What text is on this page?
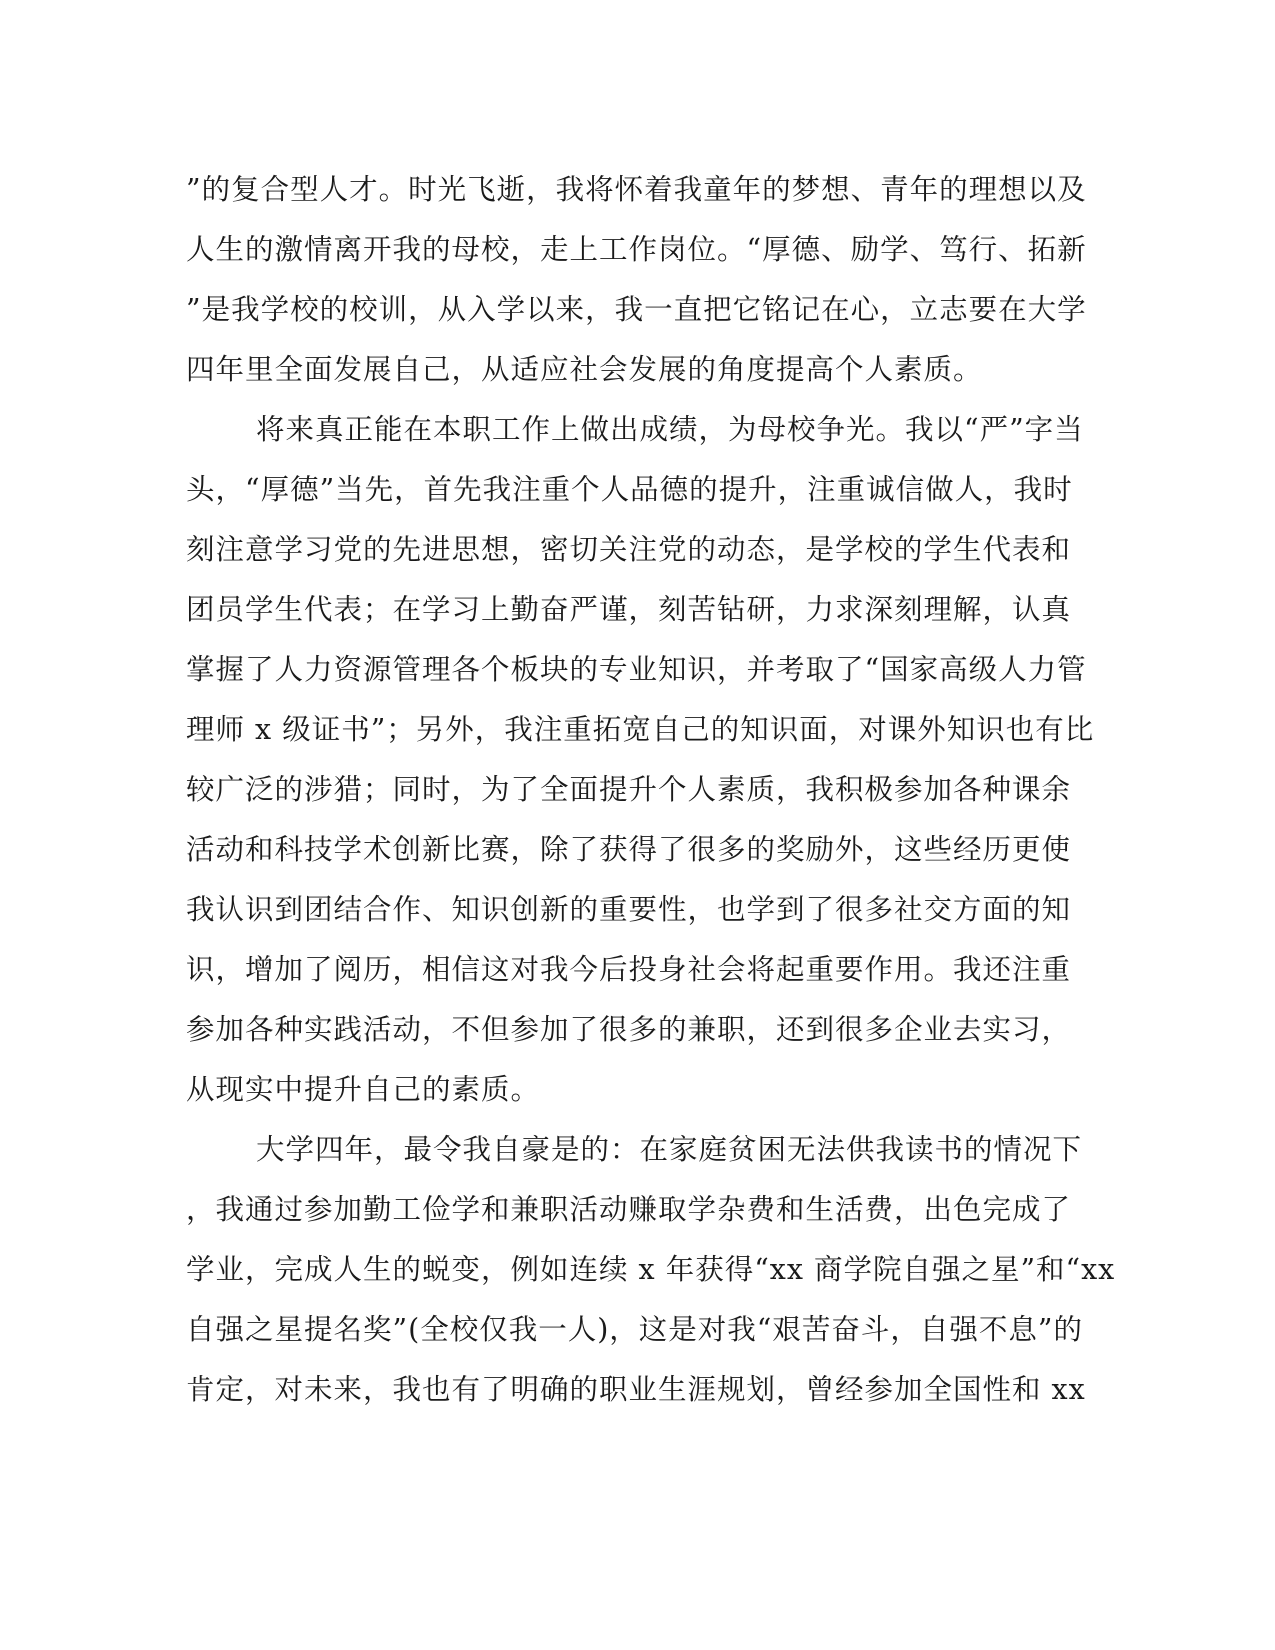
”的复合型人才。时光飞逝，我将怀着我童年的梦想、青年的理想以及
人生的激情离开我的母校，走上工作岗位。“厚德、励学、笃行、拓新
”是我学校的校训，从入学以来，我一直把它铭记在心，立志要在大学
四年里全面发展自己，从适应社会发展的角度提高个人素质。
将来真正能在本职工作上做出成绩，为母校争光。我以“严”字当
头，“厚德”当先，首先我注重个人品德的提升，注重诚信做人，我时
刻注意学习党的先进思想，密切关注党的动态，是学校的学生代表和
团员学生代表；在学习上勤奋严谨，刻苦钻研，力求深刻理解，认真
掌握了人力资源管理各个板块的专业知识，并考取了“国家高级人力管
理师 x 级证书”；另外，我注重拓宽自己的知识面，对课外知识也有比
较广泛的涉猎；同时，为了全面提升个人素质，我积极参加各种课余
活动和科技学术创新比赛，除了获得了很多的奖励外，这些经历更使
我认识到团结合作、知识创新的重要性，也学到了很多社交方面的知
识，增加了阅历，相信这对我今后投身社会将起重要作用。我还注重
参加各种实践活动，不但参加了很多的兼职，还到很多企业去实习，
从现实中提升自己的素质。
大学四年，最令我自豪是的：在家庭贫困无法供我读书的情况下
，我通过参加勤工俭学和兼职活动赚取学杂费和生活费，出色完成了
学业，完成人生的蜕变，例如连续 x 年获得“xx 商学院自强之星”和“xx
自强之星提名奖”(全校仅我一人)，这是对我“艰苦奋斗，自强不息”的
肯定，对未来，我也有了明确的职业生涯规划，曾经参加全国性和 xx
